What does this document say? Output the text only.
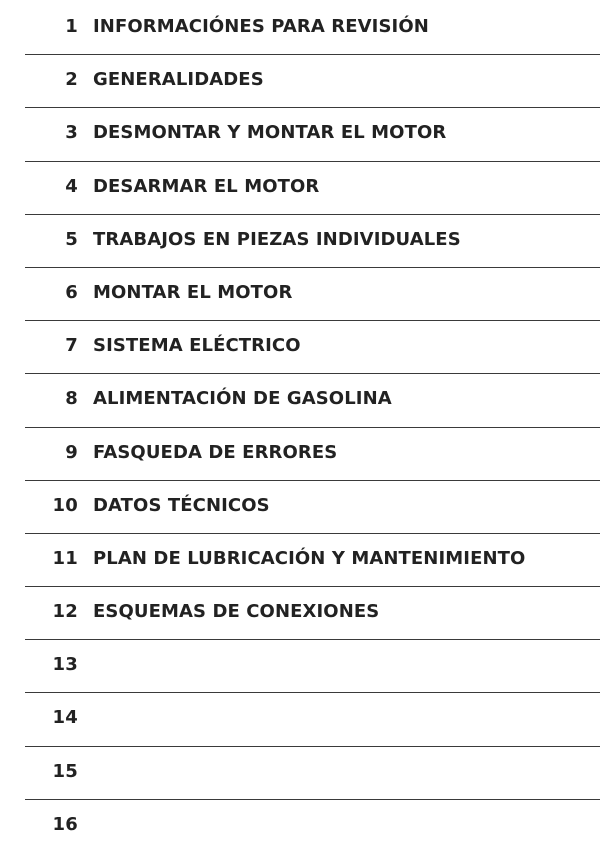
1 INFORMACIÓNES PARA REVISIÓN
2 GENERALIDADES
3 DESMONTAR Y MONTAR EL MOTOR
4 DESARMAR EL MOTOR
5 TRABAJOS EN PIEZAS INDIVIDUALES
6 MONTAR EL MOTOR
7 SISTEMA ELÉCTRICO
8 ALIMENTACIÓN DE GASOLINA
9 FASQUEDA DE ERRORES
10 DATOS TÉCNICOS
11 PLAN DE LUBRICACIÓN Y MANTENIMIENTO
12 ESQUEMAS DE CONEXIONES
13
14
15
16
